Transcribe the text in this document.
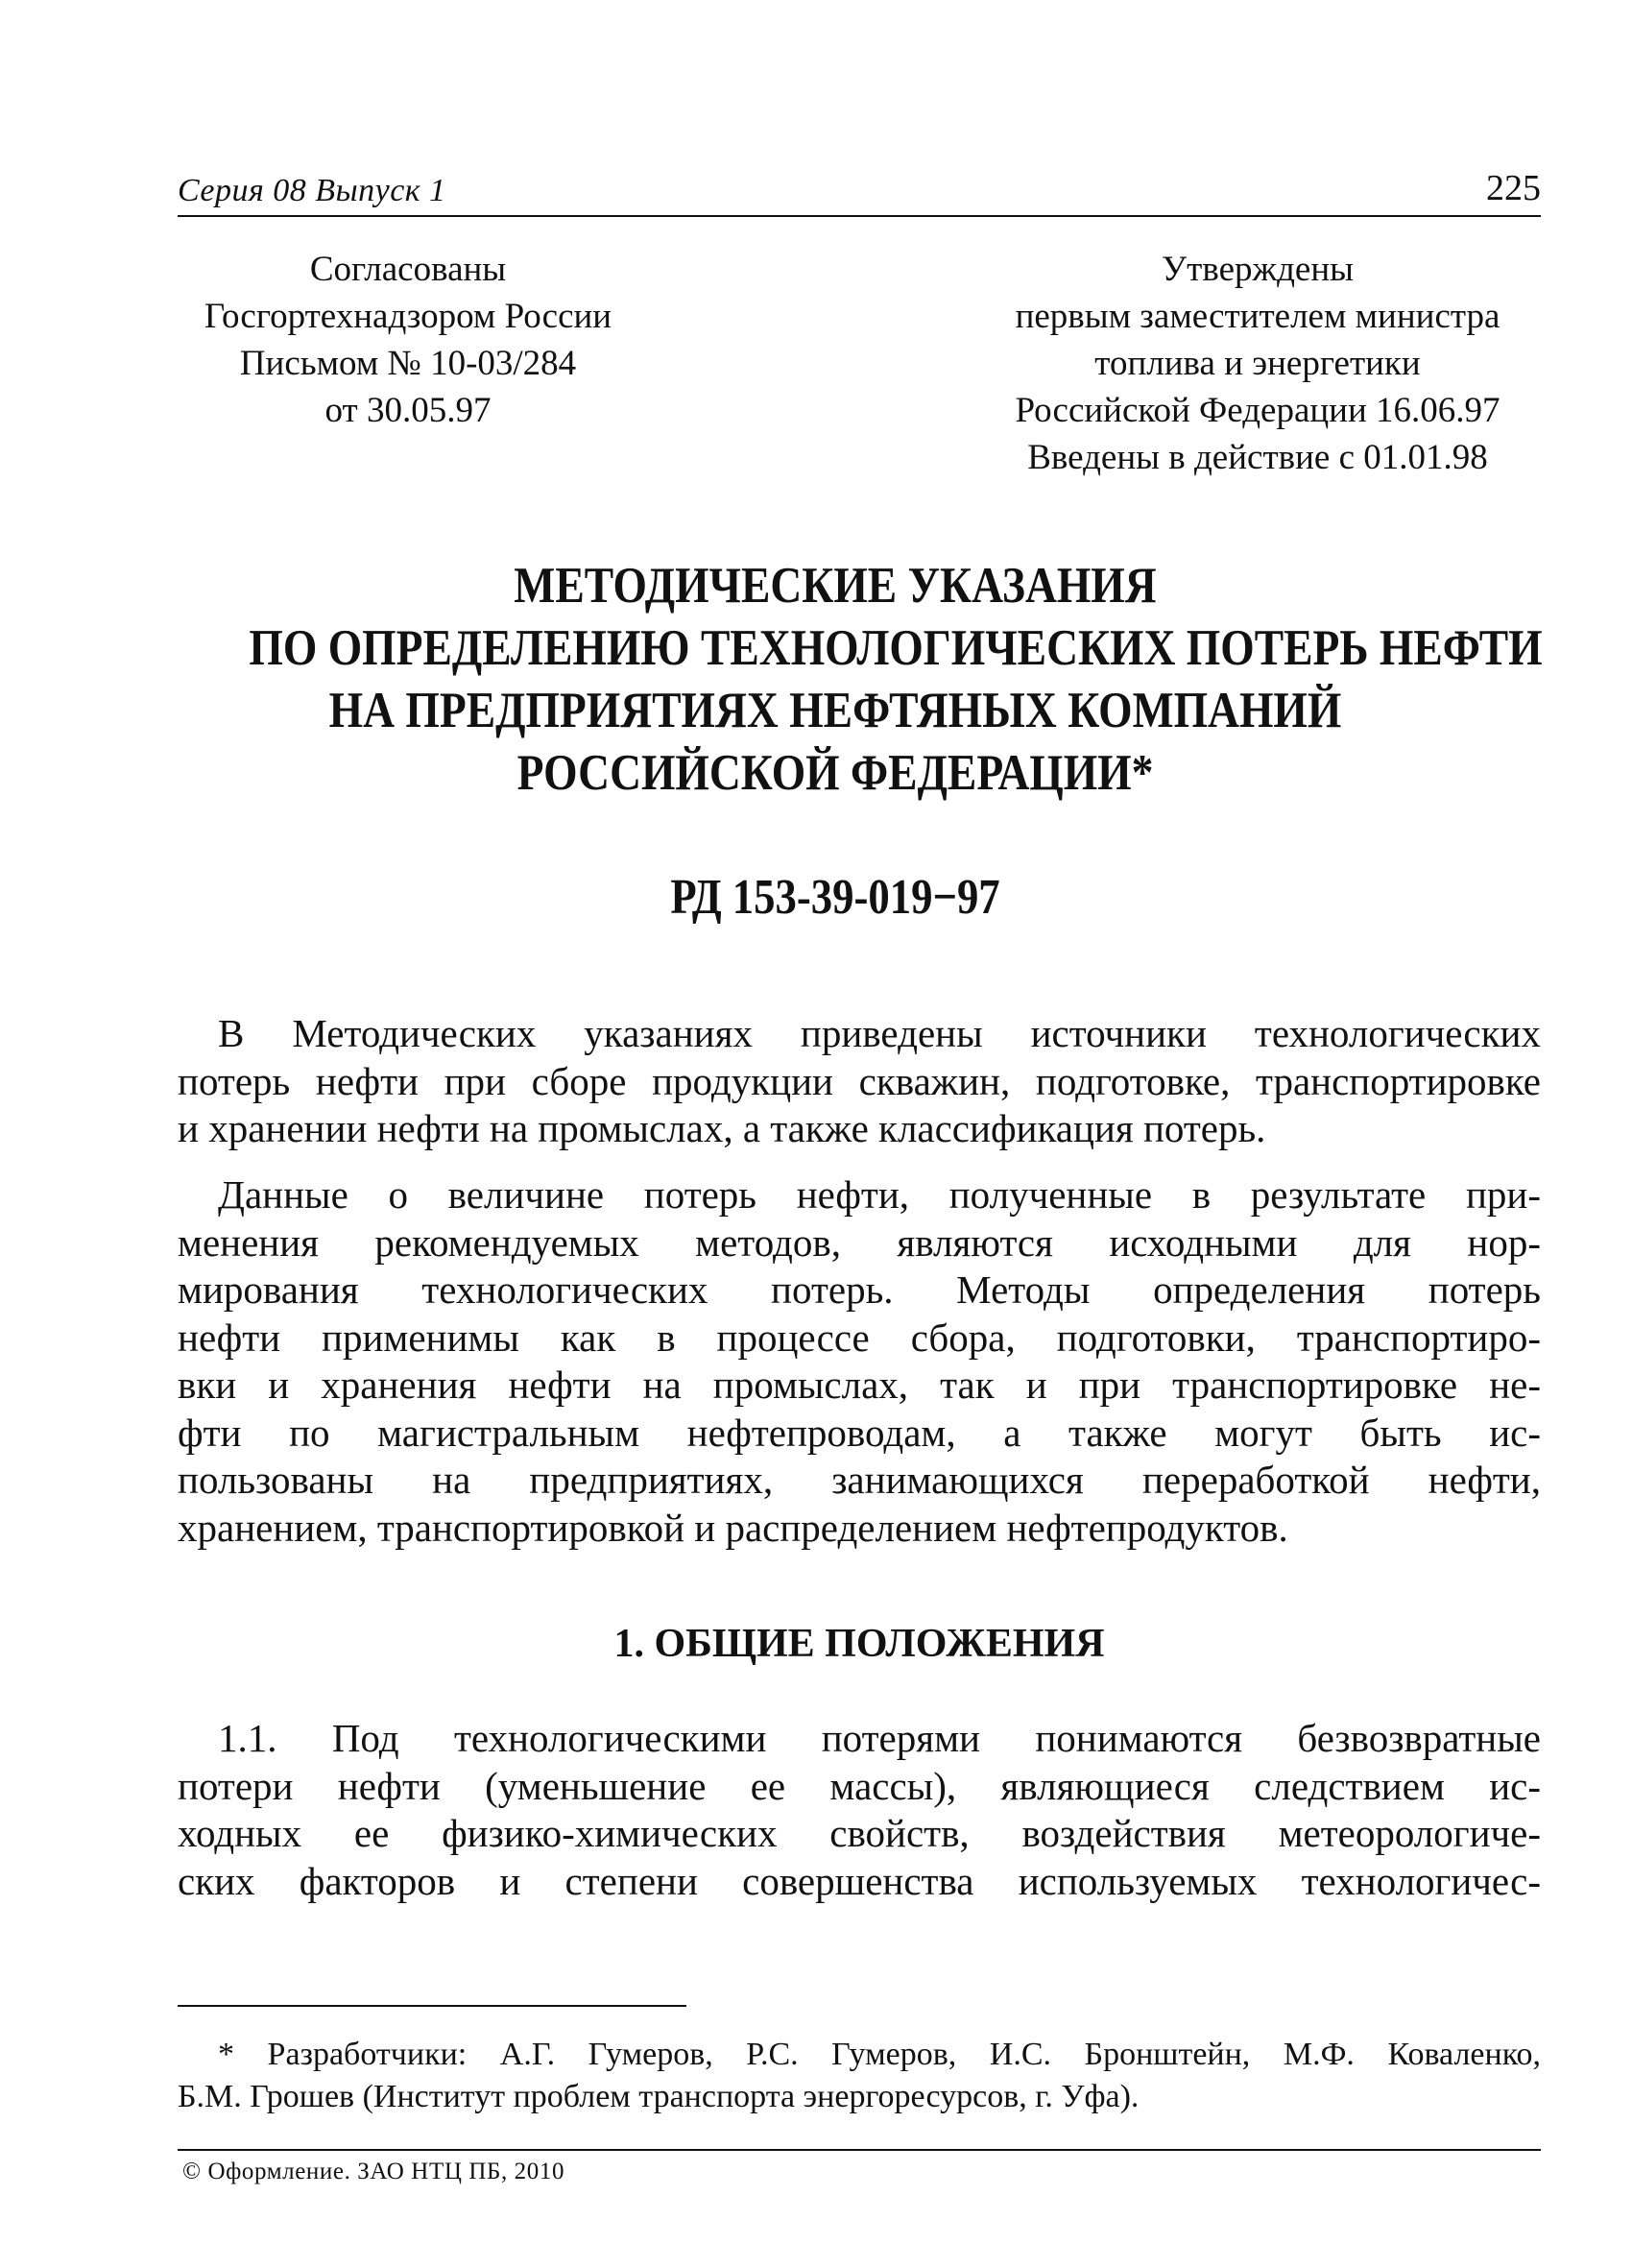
Серия 08 Выпуск 1	225
Согласованы
Госгортехнадзором России
Письмом № 10-03/284
от 30.05.97
Утверждены
первым заместителем министра
топлива и энергетики
Российской Федерации 16.06.97
Введены в действие с 01.01.98
МЕТОДИЧЕСКИЕ УКАЗАНИЯ
ПО ОПРЕДЕЛЕНИЮ ТЕХНОЛОГИЧЕСКИХ ПОТЕРЬ НЕФТИ
НА ПРЕДПРИЯТИЯХ НЕФТЯНЫХ КОМПАНИЙ
РОССИЙСКОЙ ФЕДЕРАЦИИ*
РД 153-39-019−97
В Методических указаниях приведены источники технологических
потерь нефти при сборе продукции скважин, подготовке, транспортировке
и хранении нефти на промыслах, а также классификация потерь.
Данные о величине потерь нефти, полученные в результате при-
менения рекомендуемых методов, являются исходными для нор-
мирования технологических потерь. Методы определения потерь
нефти применимы как в процессе сбора, подготовки, транспортиро-
вки и хранения нефти на промыслах, так и при транспортировке не-
фти по магистральным нефтепроводам, а также могут быть ис-
пользованы на предприятиях, занимающихся переработкой нефти,
хранением, транспортировкой и распределением нефтепродуктов.
1. ОБЩИЕ ПОЛОЖЕНИЯ
1.1. Под технологическими потерями понимаются безвозвратные
потери нефти (уменьшение ее массы), являющиеся следствием ис-
ходных ее физико-химических свойств, воздействия метеорологиче-
ских факторов и степени совершенства используемых технологичес-
* Разработчики: А.Г. Гумеров, Р.С. Гумеров, И.С. Бронштейн, М.Ф. Коваленко,
Б.М. Грошев (Институт проблем транспорта энергоресурсов, г. Уфа).
© Оформление. ЗАО НТЦ ПБ, 2010
